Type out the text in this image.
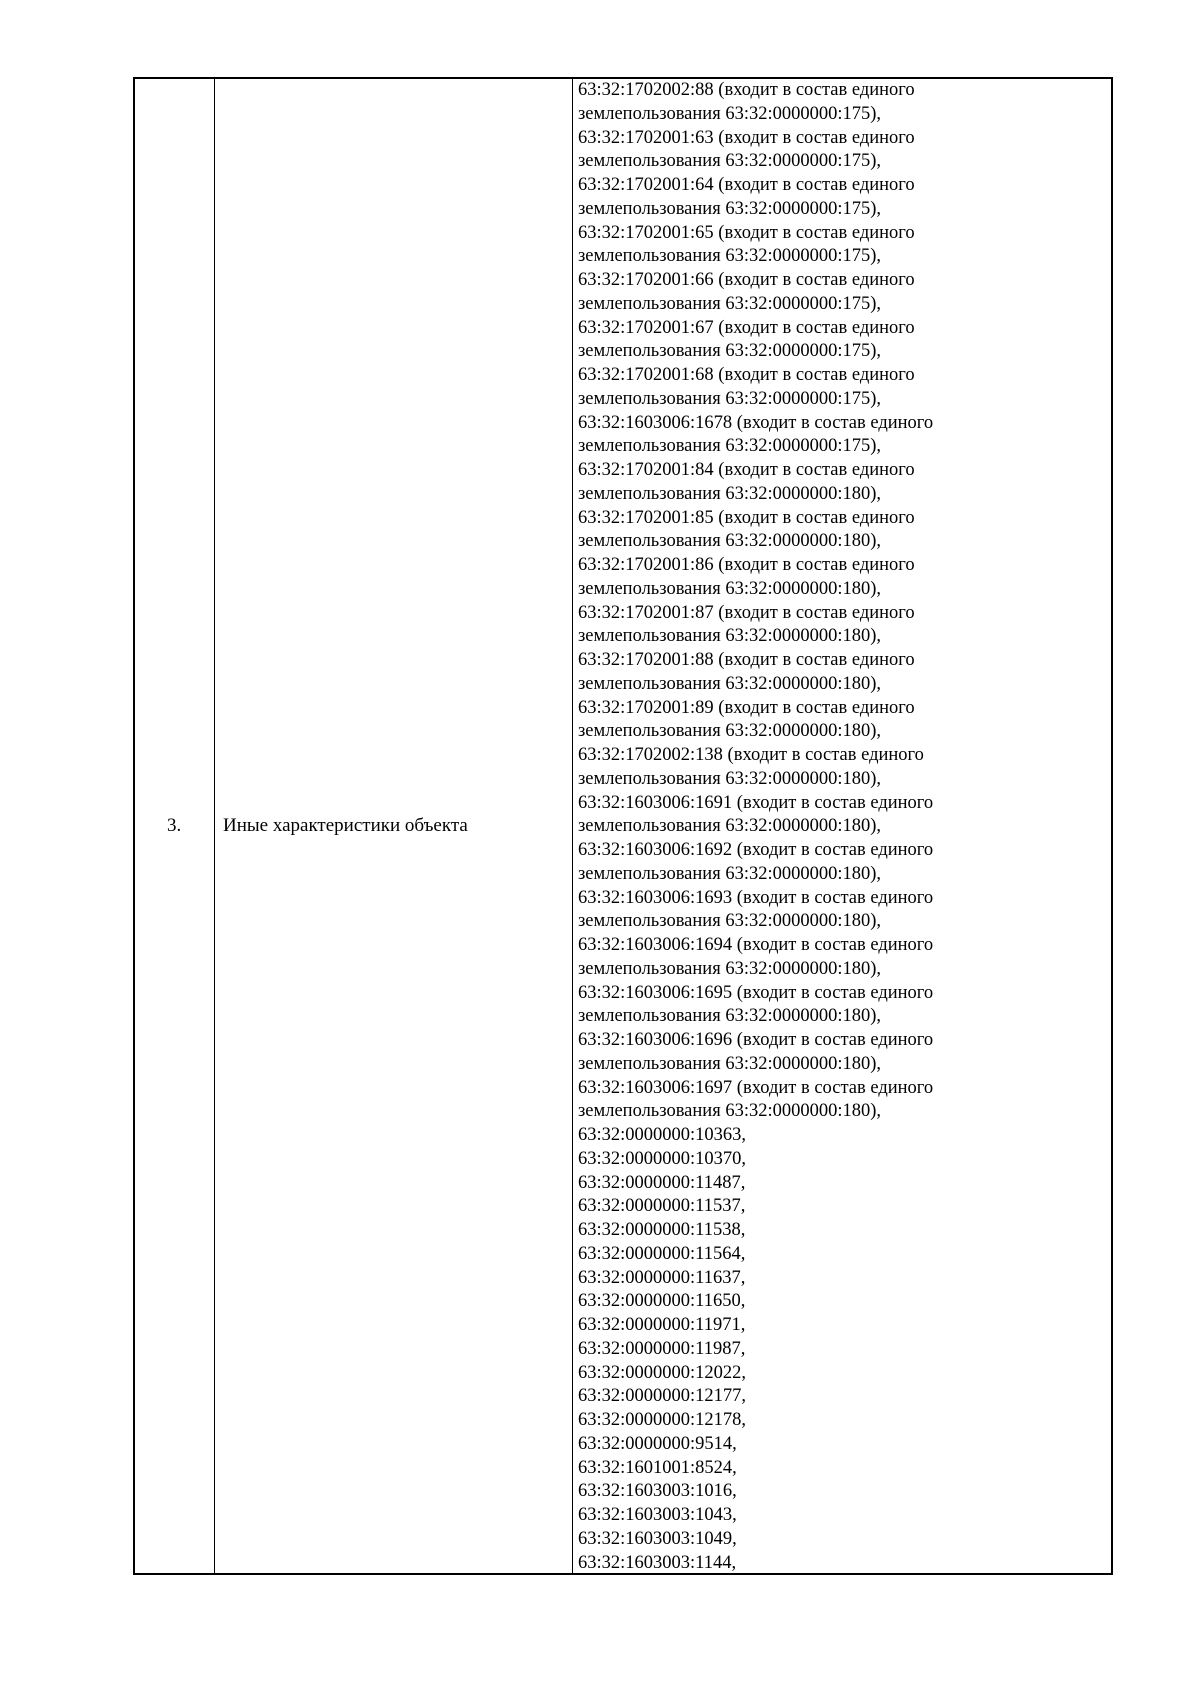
3. Иные характеристики объекта
63:32:1702002:88 (входит в состав единого
землепользования 63:32:0000000:175),
63:32:1702001:63 (входит в состав единого
землепользования 63:32:0000000:175),
63:32:1702001:64 (входит в состав единого
землепользования 63:32:0000000:175),
63:32:1702001:65 (входит в состав единого
землепользования 63:32:0000000:175),
63:32:1702001:66 (входит в состав единого
землепользования 63:32:0000000:175),
63:32:1702001:67 (входит в состав единого
землепользования 63:32:0000000:175),
63:32:1702001:68 (входит в состав единого
землепользования 63:32:0000000:175),
63:32:1603006:1678 (входит в состав единого
землепользования 63:32:0000000:175),
63:32:1702001:84 (входит в состав единого
землепользования 63:32:0000000:180),
63:32:1702001:85 (входит в состав единого
землепользования 63:32:0000000:180),
63:32:1702001:86 (входит в состав единого
землепользования 63:32:0000000:180),
63:32:1702001:87 (входит в состав единого
землепользования 63:32:0000000:180),
63:32:1702001:88 (входит в состав единого
землепользования 63:32:0000000:180),
63:32:1702001:89 (входит в состав единого
землепользования 63:32:0000000:180),
63:32:1702002:138 (входит в состав единого
землепользования 63:32:0000000:180),
63:32:1603006:1691 (входит в состав единого
землепользования 63:32:0000000:180),
63:32:1603006:1692 (входит в состав единого
землепользования 63:32:0000000:180),
63:32:1603006:1693 (входит в состав единого
землепользования 63:32:0000000:180),
63:32:1603006:1694 (входит в состав единого
землепользования 63:32:0000000:180),
63:32:1603006:1695 (входит в состав единого
землепользования 63:32:0000000:180),
63:32:1603006:1696 (входит в состав единого
землепользования 63:32:0000000:180),
63:32:1603006:1697 (входит в состав единого
землепользования 63:32:0000000:180),
63:32:0000000:10363,
63:32:0000000:10370,
63:32:0000000:11487,
63:32:0000000:11537,
63:32:0000000:11538,
63:32:0000000:11564,
63:32:0000000:11637,
63:32:0000000:11650,
63:32:0000000:11971,
63:32:0000000:11987,
63:32:0000000:12022,
63:32:0000000:12177,
63:32:0000000:12178,
63:32:0000000:9514,
63:32:1601001:8524,
63:32:1603003:1016,
63:32:1603003:1043,
63:32:1603003:1049,
63:32:1603003:1144,
